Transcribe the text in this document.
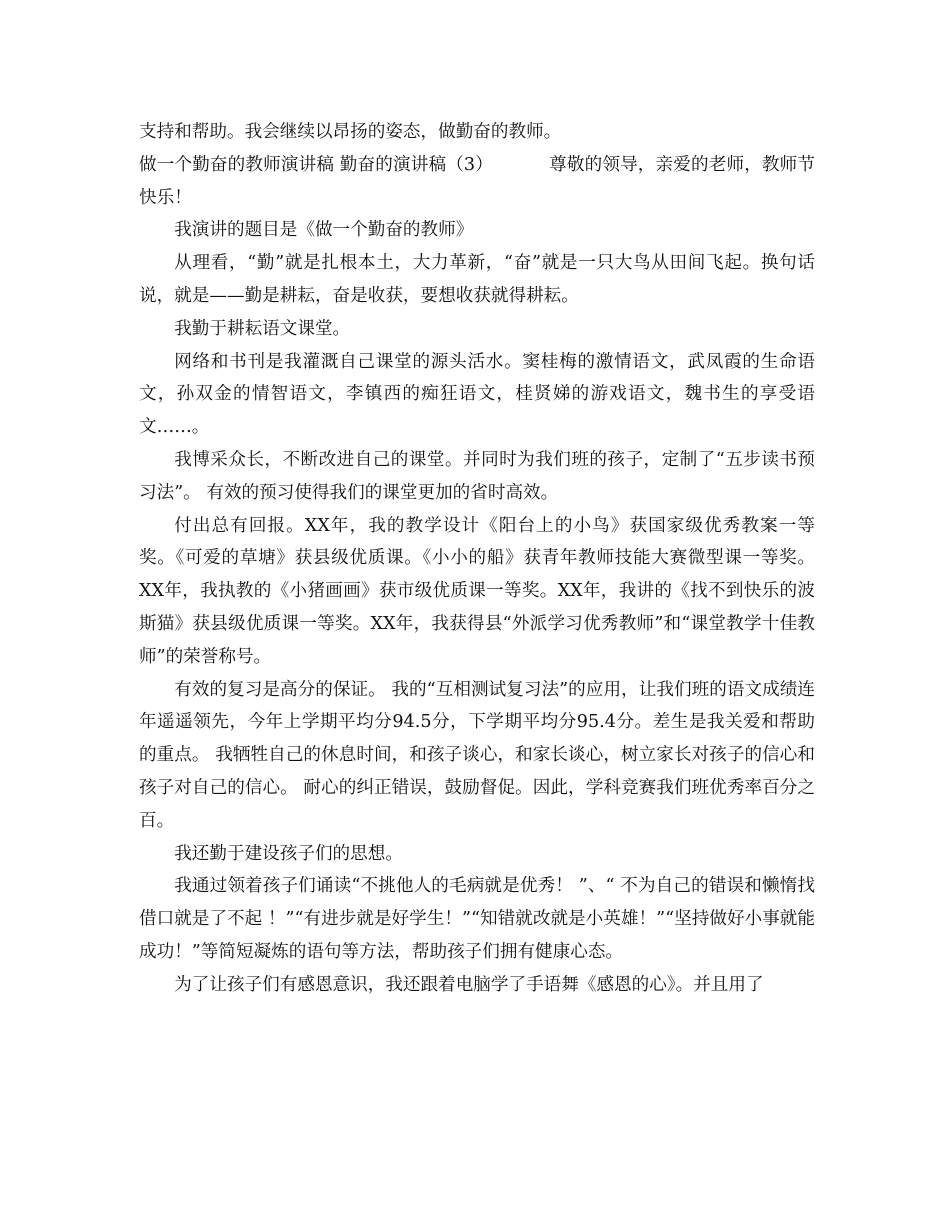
支持和帮助。我会继续以昂扬的姿态，做勤奋的教师。

做一个勤奋的教师演讲稿 勤奋的演讲稿（3）	尊敬的领导，亲爱的老师，教师节快乐！

我演讲的题目是《做一个勤奋的教师》

从理看，“勤”就是扎根本土，大力革新，“奋”就是一只大鸟从田间飞起。换句话说，就是——勤是耕耘，奋是收获，要想收获就得耕耘。

我勤于耕耘语文课堂。

网络和书刊是我灌溉自己课堂的源头活水。窦桂梅的激情语文，武凤霞的生命语文，孙双金的情智语文，李镇西的痴狂语文，桂贤娣的游戏语文，魏书生的享受语文……。

我博采众长，不断改进自己的课堂。并同时为我们班的孩子，定制了“五步读书预习法”。 有效的预习使得我们的课堂更加的省时高效。

付出总有回报。XX年，我的教学设计《阳台上的小鸟》获国家级优秀教案一等奖。《可爱的草塘》获县级优质课。《小小的船》获青年教师技能大赛微型课一等奖。XX年，我执教的《小猪画画》获市级优质课一等奖。XX年，我讲的《找不到快乐的波斯猫》获县级优质课一等奖。XX年，我获得县“外派学习优秀教师”和“课堂教学十佳教师”的荣誉称号。

有效的复习是高分的保证。 我的“互相测试复习法”的应用，让我们班的语文成绩连年遥遥领先，今年上学期平均分94.5分，下学期平均分95.4分。差生是我关爱和帮助的重点。 我牺牲自己的休息时间，和孩子谈心，和家长谈心，树立家长对孩子的信心和孩子对自己的信心。 耐心的纠正错误，鼓励督促。因此，学科竞赛我们班优秀率百分之百。

我还勤于建设孩子们的思想。

我通过领着孩子们诵读“不挑他人的毛病就是优秀！ ”、“ 不为自己的错误和懒惰找借口就是了不起 ！”“有进步就是好学生！”“知错就改就是小英雄！”“坚持做好小事就能成功！”等简短凝炼的语句等方法，帮助孩子们拥有健康心态。

为了让孩子们有感恩意识，我还跟着电脑学了手语舞《感恩的心》。并且用了
